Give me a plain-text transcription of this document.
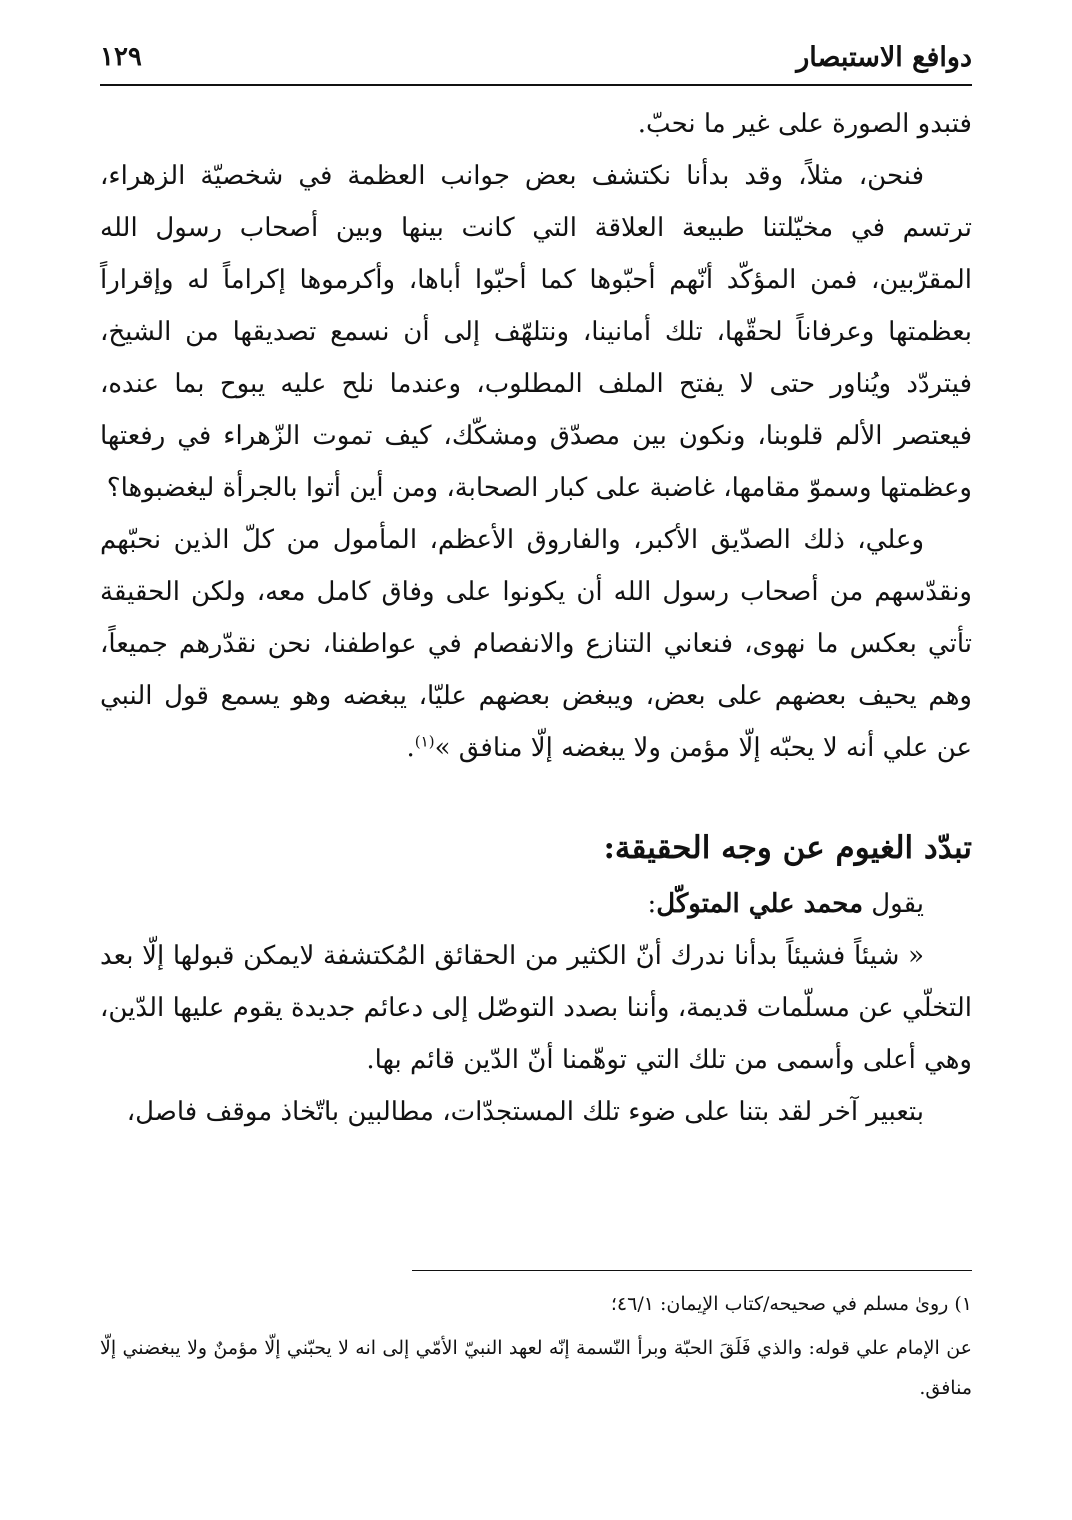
دوافع الاستبصار
١٢٩

فتبدو الصورة على غير ما نحبّ.

فنحن، مثلاً، وقد بدأنا نكتشف بعض جوانب العظمة في شخصيّة الزهراء، ترتسم في مخيّلتنا طبيعة العلاقة التي كانت بينها وبين أصحاب رسول الله المقرّبين، فمن المؤكّد أنّهم أحبّوها كما أحبّوا أباها، وأكرموها إكراماً له وإقراراً بعظمتها وعرفاناً لحقّها، تلك أمانينا، ونتلهّف إلى أن نسمع تصديقها من الشيخ، فيتردّد ويُناور حتى لا يفتح الملف المطلوب، وعندما نلح عليه يبوح بما عنده، فيعتصر الألم قلوبنا، ونكون بين مصدّق ومشكّك، كيف تموت الزّهراء في رفعتها وعظمتها وسموّ مقامها، غاضبة على كبار الصحابة، ومن أين أتوا بالجرأة ليغضبوها؟

وعلي، ذلك الصدّيق الأكبر، والفاروق الأعظم، المأمول من كلّ الذين نحبّهم ونقدّسهم من أصحاب رسول الله أن يكونوا على وفاق كامل معه، ولكن الحقيقة تأتي بعكس ما نهوى، فنعاني التنازع والانفصام في عواطفنا، نحن نقدّرهم جميعاً، وهم يحيف بعضهم على بعض، ويبغض بعضهم عليّا، يبغضه وهو يسمع قول النبي عن علي أنه لا يحبّه إلّا مؤمن ولا يبغضه إلّا منافق »$^{(١)}$.

تبدّد الغيوم عن وجه الحقيقة:

يقول محمد علي المتوكّل:

« شيئاً فشيئاً بدأنا ندرك أنّ الكثير من الحقائق المُكتشفة لايمكن قبولها إلّا بعد التخلّي عن مسلّمات قديمة، وأننا بصدد التوصّل إلى دعائم جديدة يقوم عليها الدّين، وهي أعلى وأسمى من تلك التي توهّمنا أنّ الدّين قائم بها.

بتعبير آخر لقد بتنا على ضوء تلك المستجدّات، مطالبين باتّخاذ موقف فاصل،

١) رویٰ مسلم في صحيحه/كتاب الإيمان: ٤٦/١؛

عن الإمام علي قوله: والذي فَلَقَ الحبّة وبرأ النّسمة إنّه لعهد النبيّ الأمّي إلى انه لا يحبّني إلّا مؤمنٌ ولا يبغضني إلّا منافق.
